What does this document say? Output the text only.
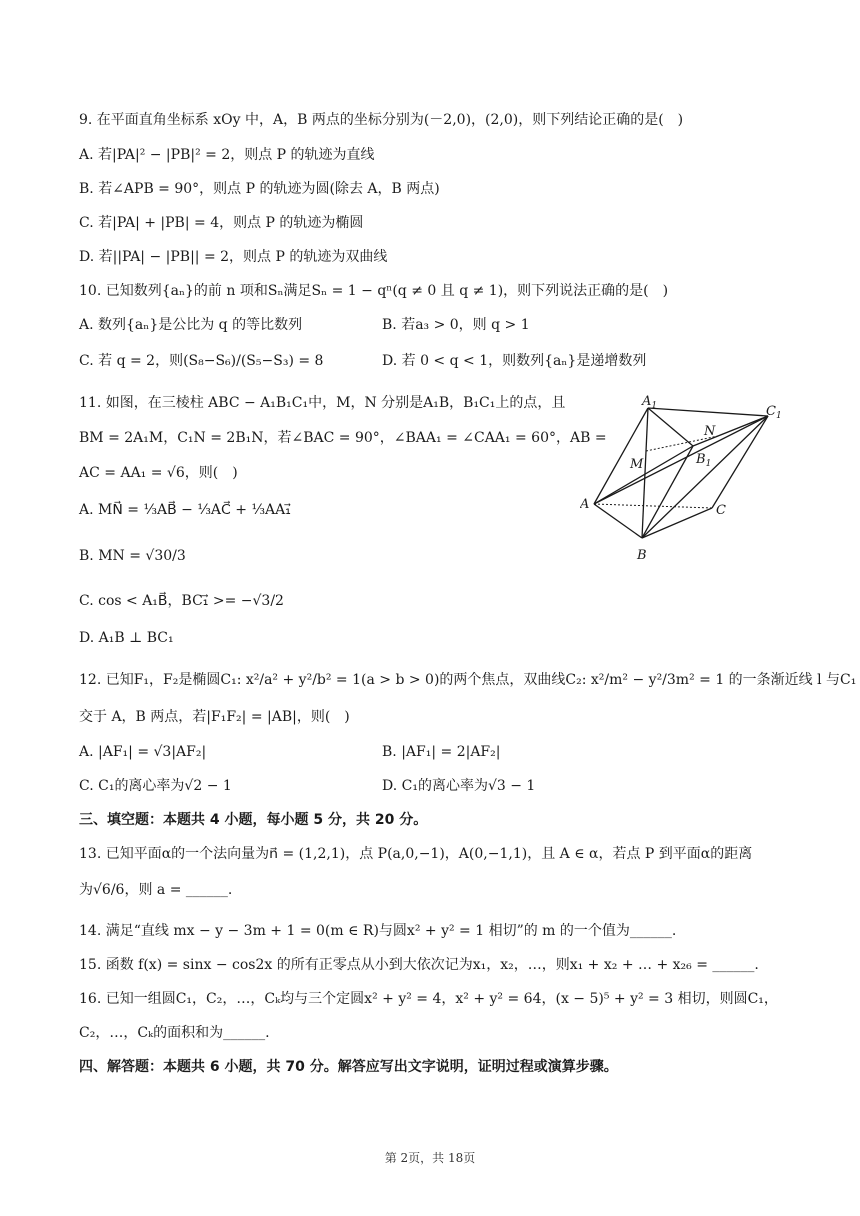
9. 在平面直角坐标系 xOy 中，A，B 两点的坐标分别为(－2,0)，(2,0)，则下列结论正确的是(　)
A. 若|PA|² − |PB|² = 2，则点 P 的轨迹为直线
B. 若∠APB = 90°，则点 P 的轨迹为圆(除去 A，B 两点)
C. 若|PA| + |PB| = 4，则点 P 的轨迹为椭圆
D. 若||PA| − |PB|| = 2，则点 P 的轨迹为双曲线
10. 已知数列{aₙ}的前 n 项和Sₙ满足Sₙ = 1 − qⁿ(q ≠ 0 且 q ≠ 1)，则下列说法正确的是(　)
A. 数列{aₙ}是公比为 q 的等比数列	B. 若a₃ > 0，则 q > 1
C. 若 q = 2，则(S₈−S₆)/(S₅−S₃) = 8	D. 若 0 < q < 1，则数列{aₙ}是递增数列
11. 如图，在三棱柱 ABC − A₁B₁C₁中，M，N 分别是A₁B，B₁C₁上的点，且
BM = 2A₁M，C₁N = 2B₁N，若∠BAC = 90°，∠BAA₁ = ∠CAA₁ = 60°，AB =
AC = AA₁ = √6，则(　)
A. MN⃗ = ⅓AB⃗ − ⅓AC⃗ + ⅓AA₁⃗
B. MN = √30/3
C. cos < A₁B⃗，BC₁⃗ >= −√3/2
D. A₁B ⊥ BC₁
$A_1$	$C_1$
N
M	$B_1$
A	C
B
12. 已知F₁，F₂是椭圆C₁: x²/a² + y²/b² = 1(a > b > 0)的两个焦点，双曲线C₂: x²/m² − y²/3m² = 1 的一条渐近线 l 与C₁
交于 A，B 两点，若|F₁F₂| = |AB|，则(　)
A. |AF₁| = √3|AF₂|	B. |AF₁| = 2|AF₂|
C. C₁的离心率为√2 − 1	D. C₁的离心率为√3 − 1
三、填空题：本题共 4 小题，每小题 5 分，共 20 分。
13. 已知平面α的一个法向量为n⃗ = (1,2,1)，点 P(a,0,−1)，A(0,−1,1)，且 A ∈ α，若点 P 到平面α的距离
为√6/6，则 a = ______.
14. 满足“直线 mx − y − 3m + 1 = 0(m ∈ R)与圆x² + y² = 1 相切”的 m 的一个值为______.
15. 函数 f(x) = sinx − cos2x 的所有正零点从小到大依次记为x₁，x₂，…，则x₁ + x₂ + … + x₂₆ = ______.
16. 已知一组圆C₁，C₂，…，Cₖ均与三个定圆x² + y² = 4，x² + y² = 64，(x − 5)⁵ + y² = 3 相切，则圆C₁，
C₂，…，Cₖ的面积和为______.
四、解答题：本题共 6 小题，共 70 分。解答应写出文字说明，证明过程或演算步骤。
第 2页，共 18页
